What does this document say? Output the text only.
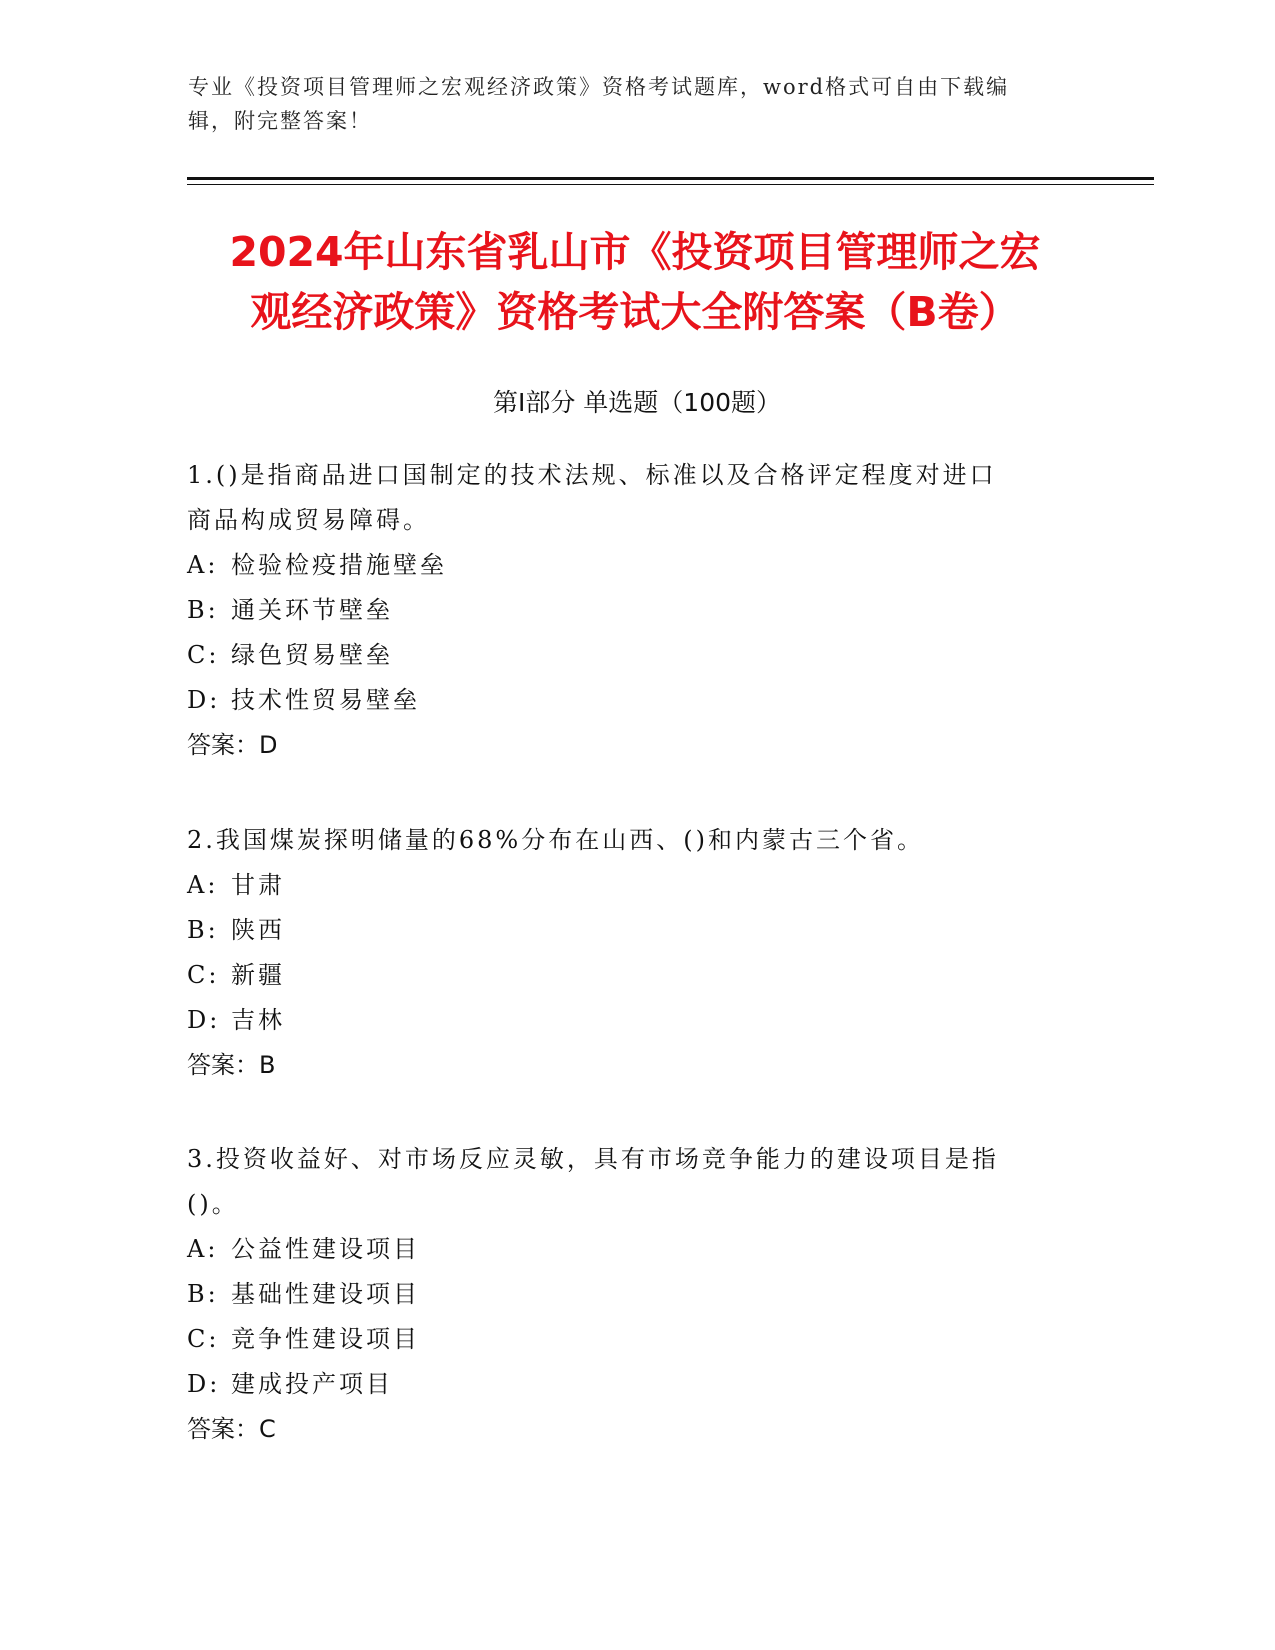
专业《投资项目管理师之宏观经济政策》资格考试题库，word格式可自由下载编
辑，附完整答案！
2024年山东省乳山市《投资项目管理师之宏
观经济政策》资格考试大全附答案（B卷）
第Ⅰ部分 单选题（100题）
1.()是指商品进口国制定的技术法规、标准以及合格评定程度对进口
商品构成贸易障碍。
A: 检验检疫措施壁垒
B: 通关环节壁垒
C: 绿色贸易壁垒
D: 技术性贸易壁垒
答案：D
2.我国煤炭探明储量的68%分布在山西、()和内蒙古三个省。
A: 甘肃
B: 陕西
C: 新疆
D: 吉林
答案：B
3.投资收益好、对市场反应灵敏，具有市场竞争能力的建设项目是指
()。
A: 公益性建设项目
B: 基础性建设项目
C: 竞争性建设项目
D: 建成投产项目
答案：C
